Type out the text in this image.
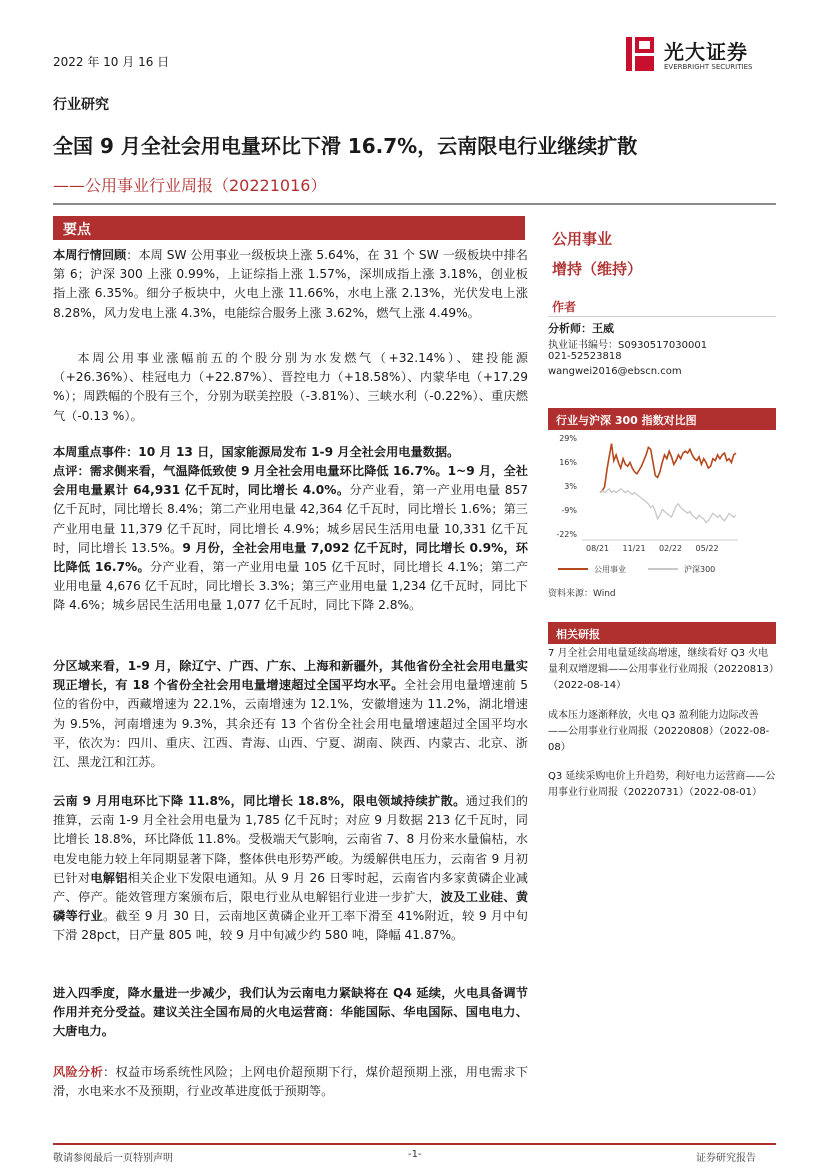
2022 年 10 月 16 日	光大证券
EVERBRIGHT SECURITIES
行业研究
全国 9 月全社会用电量环比下滑 16.7%，云南限电行业继续扩散
——公用事业行业周报（20221016）
要点

本周行情回顾：本周 SW 公用事业一级板块上涨 5.64%，在 31 个 SW 一级板块中排名第 6；沪深 300 上涨 0.99%，上证综指上涨 1.57%，深圳成指上涨 3.18%，创业板指上涨 6.35%。细分子板块中，火电上涨 11.66%，水电上涨 2.13%，光伏发电上涨 8.28%，风力发电上涨 4.3%，电能综合服务上涨 3.62%，燃气上涨 4.49%。

本周公用事业涨幅前五的个股分别为水发燃气（+32.14%）、建投能源（+26.36%）、桂冠电力（+22.87%）、晋控电力（+18.58%）、内蒙华电（+17.29 %）；周跌幅的个股有三个，分别为联美控股（-3.81%）、三峡水利（-0.22%）、重庆燃气（-0.13 %）。

本周重点事件：10 月 13 日，国家能源局发布 1-9 月全社会用电量数据。

点评：需求侧来看，气温降低致使 9 月全社会用电量环比降低 16.7%。1~9 月，全社会用电量累计 64,931 亿千瓦时，同比增长 4.0%。分产业看，第一产业用电量 857 亿千瓦时，同比增长 8.4%；第二产业用电量 42,364 亿千瓦时，同比增长 1.6%；第三产业用电量 11,379 亿千瓦时，同比增长 4.9%；城乡居民生活用电量 10,331 亿千瓦时，同比增长 13.5%。9 月份，全社会用电量 7,092 亿千瓦时，同比增长 0.9%，环比降低 16.7%。分产业看，第一产业用电量 105 亿千瓦时，同比增长 4.1%；第二产业用电量 4,676 亿千瓦时，同比增长 3.3%；第三产业用电量 1,234 亿千瓦时，同比下降 4.6%；城乡居民生活用电量 1,077 亿千瓦时，同比下降 2.8%。

分区域来看，1-9 月，除辽宁、广西、广东、上海和新疆外，其他省份全社会用电量实现正增长，有 18 个省份全社会用电量增速超过全国平均水平。全社会用电量增速前 5 位的省份中，西藏增速为 22.1%，云南增速为 12.1%，安徽增速为 11.2%，湖北增速为 9.5%，河南增速为 9.3%，其余还有 13 个省份全社会用电量增速超过全国平均水平，依次为：四川、重庆、江西、青海、山西、宁夏、湖南、陕西、内蒙古、北京、浙江、黑龙江和江苏。

云南 9 月用电环比下降 11.8%，同比增长 18.8%，限电领域持续扩散。通过我们的推算，云南 1-9 月全社会用电量为 1,785 亿千瓦时；对应 9 月数据 213 亿千瓦时，同比增长 18.8%，环比降低 11.8%。受极端天气影响，云南省 7、8 月份来水量偏枯，水电发电能力较上年同期显著下降，整体供电形势严峻。为缓解供电压力，云南省 9 月初已针对电解铝相关企业下发限电通知。从 9 月 26 日零时起，云南省内多家黄磷企业减产、停产。能效管理方案颁布后，限电行业从电解铝行业进一步扩大，波及工业硅、黄磷等行业。截至 9 月 30 日，云南地区黄磷企业开工率下滑至 41%附近，较 9 月中旬下滑 28pct，日产量 805 吨，较 9 月中旬减少约 580 吨，降幅 41.87%。

进入四季度，降水量进一步减少，我们认为云南电力紧缺将在 Q4 延续，火电具备调节作用并充分受益。建议关注全国布局的火电运营商：华能国际、华电国际、国电电力、大唐电力。

风险分析：权益市场系统性风险；上网电价超预期下行，煤价超预期上涨，用电需求下滑，水电来水不及预期，行业改革进度低于预期等。

公用事业
增持（维持）
作者
分析师：王威
执业证书编号：S0930517030001
021-52523818
wangwei2016@ebscn.com
行业与沪深 300 指数对比图
29%
16%
3%
-9%
-22%
08/21 11/21 02/22 05/22
公用事业	沪深300
资料来源：Wind
相关研报
7 月全社会用电量延续高增速，继续看好 Q3 火电量利双增逻辑——公用事业行业周报（20220813）（2022-08-14）
成本压力逐渐释放，火电 Q3 盈利能力边际改善——公用事业行业周报（20220808）（2022-08-08）
Q3 延续采购电价上升趋势，利好电力运营商——公用事业行业周报（20220731）（2022-08-01）
敬请参阅最后一页特别声明	-1-	证券研究报告
